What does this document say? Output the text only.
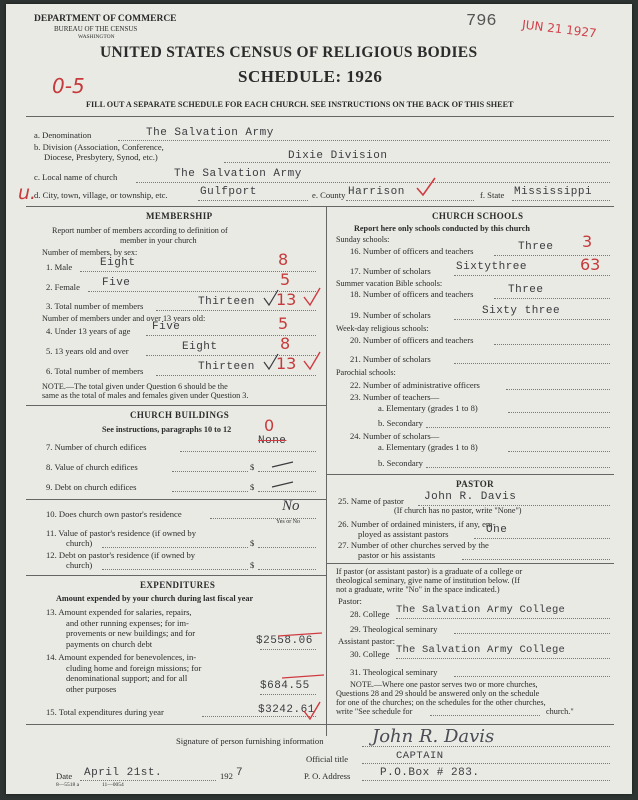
DEPARTMENT OF COMMERCE
BUREAU OF THE CENSUS
WASHINGTON
796 JUN 21 1927
UNITED STATES CENSUS OF RELIGIOUS BODIES
SCHEDULE: 1926
0-5
FILL OUT A SEPARATE SCHEDULE FOR EACH CHURCH. SEE INSTRUCTIONS ON THE BACK OF THIS SHEET
a. Denomination	The Salvation Army
b. Division (Association, Conference,
Diocese, Presbytery, Synod, etc.)	Dixie Division
c. Local name of church	The Salvation Army
u.
d. City, town, village, or township, etc.	Gulfport	e. County Harrison	f. State Mississippi
MEMBERSHIP
Report number of members according to definition of
member in your church
Number of members, by sex:
1. Male	Eight	8
2. Female Five	5
3. Total number of members	Thirteen 13
Number of members under and over 13 years old:
4. Under 13 years of age Five	5
5. 13 years old and over	Eight	8
6. Total number of members	Thirteen 13
NOTE.—The total given under Question 6 should be the
same as the total of males and females given under Question 3.
CHURCH BUILDINGS
See instructions, paragraphs 10 to 12 0
7. Number of church edifices	None
8. Value of church edifices	$
9. Debt on church edifices	$
10. Does church own pastor's residence	No
Yes or No
11. Value of pastor's residence (if owned by
church)	$
12. Debt on pastor's residence (if owned by
church)	$
EXPENDITURES
Amount expended by your church during last fiscal year
13. Amount expended for salaries, repairs,
and other running expenses; for im-
provements or new buildings; and for
payments on church debt	$2558.06
14. Amount expended for benevolences, in-
cluding home and foreign missions; for
denominational support; and for all
other purposes	$684.55
15. Total expenditures during year	$3242.61
CHURCH SCHOOLS
Report here only schools conducted by this church
Sunday schools:
16. Number of officers and teachers	Three 3
17. Number of scholars Sixtythree	63
Summer vacation Bible schools:
18. Number of officers and teachers	Three
19. Number of scholars	Sixty three
Week-day religious schools:
20. Number of officers and teachers
21. Number of scholars
Parochial schools:
22. Number of administrative officers
23. Number of teachers—
a. Elementary (grades 1 to 8)
b. Secondary
24. Number of scholars—
a. Elementary (grades 1 to 8)
b. Secondary
PASTOR
25. Name of pastor John R. Davis
(If church has no pastor, write "None")
26. Number of ordained ministers, if any, em-
ployed as assistant pastors	One
27. Number of other churches served by the
pastor or his assistants
If pastor (or assistant pastor) is a graduate of a college or
theological seminary, give name of institution below. (If
not a graduate, write "No" in the space indicated.)
Pastor:
28. College The Salvation Army College
29. Theological seminary
Assistant pastor:
30. College The Salvation Army College
31. Theological seminary
NOTE.—Where one pastor serves two or more churches,
Questions 28 and 29 should be answered only on the schedule
for one of the churches; on the schedules for the other churches,
write "See schedule for	church."
Signature of person furnishing information	John R. Davis
Official title	CAPTAIN
Date April 21st.	192 7
8—5518 a	11—0054
P. O. Address	P.O.Box # 283.
